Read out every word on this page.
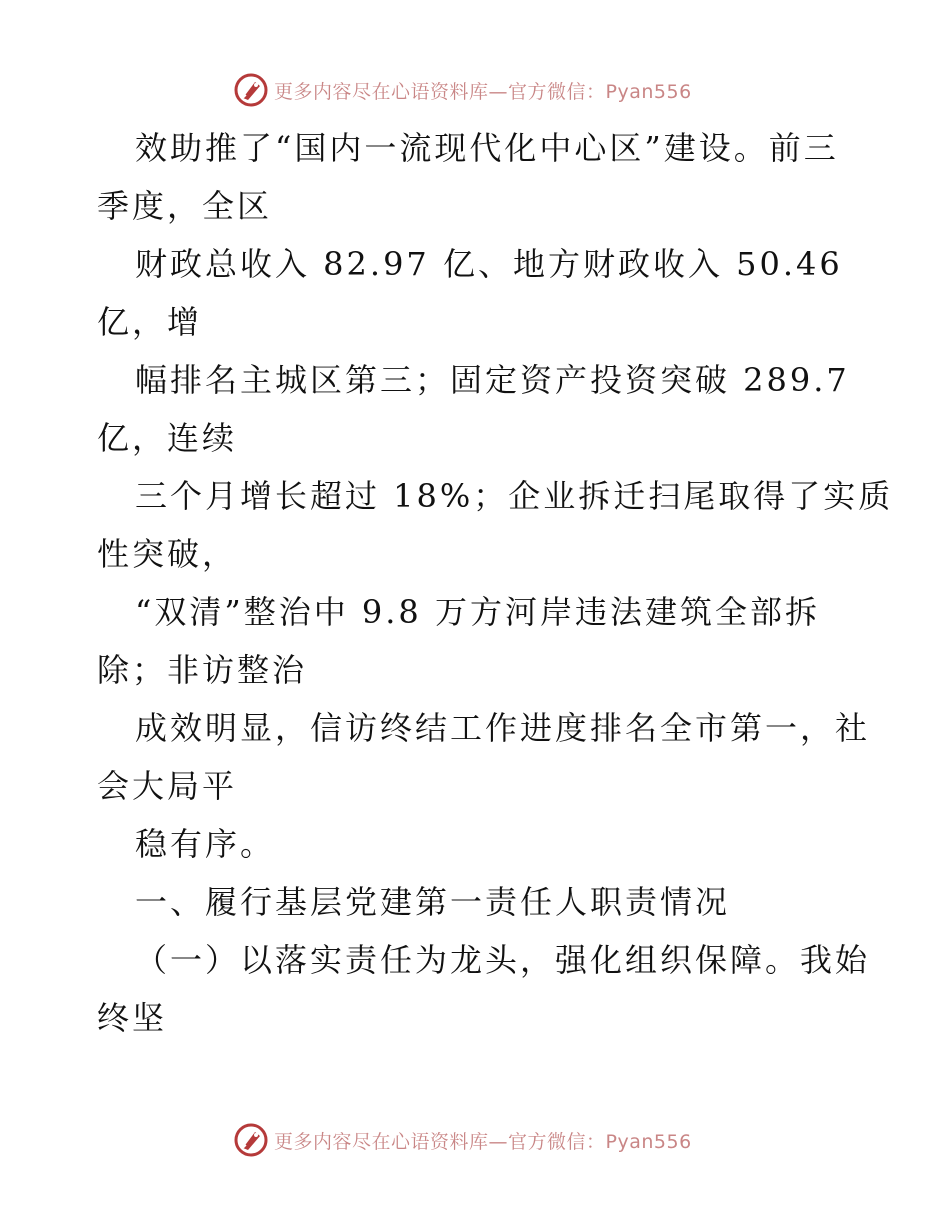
更多内容尽在心语资料库—官方微信：Pyan556
效助推了“国内一流现代化中心区”建设。前三
季度，全区
财政总收入 82.97 亿、地方财政收入 50.46
亿，增
幅排名主城区第三；固定资产投资突破 289.7
亿，连续
三个月增长超过 18%；企业拆迁扫尾取得了实质
性突破，
“双清”整治中 9.8 万方河岸违法建筑全部拆
除；非访整治
成效明显，信访终结工作进度排名全市第一，社
会大局平
稳有序。
一、履行基层党建第一责任人职责情况
（一）以落实责任为龙头，强化组织保障。我始
终坚
更多内容尽在心语资料库—官方微信：Pyan556
